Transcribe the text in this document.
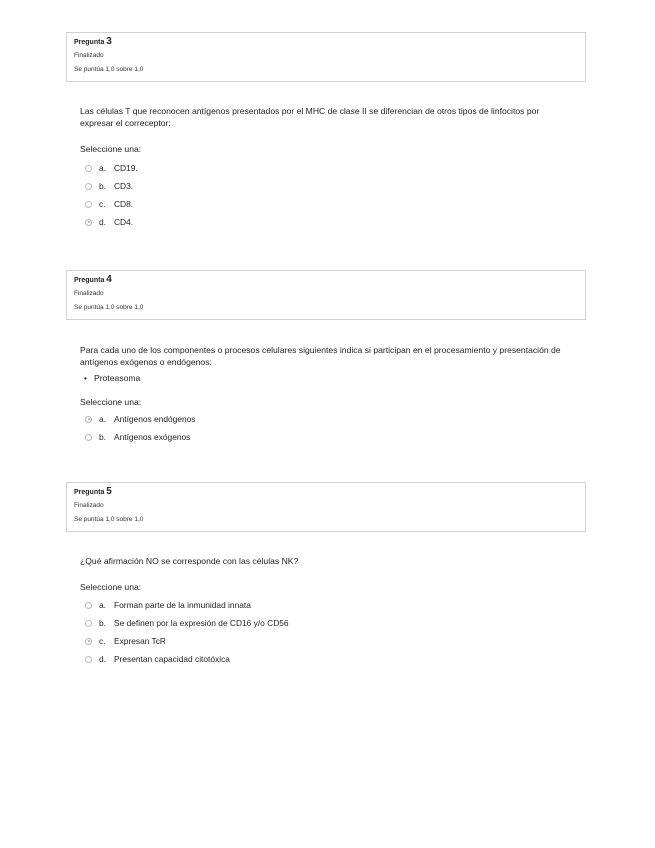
Pregunta 3
Finalizado
Se puntúa 1,0 sobre 1,0

Las células T que reconocen antígenos presentados por el MHC de clase II se diferencian de otros tipos de linfocitos por expresar el correceptor:

Seleccione una:
a. CD19.
b. CD3.
c.	CD8.
d. CD4.
Pregunta 4
Finalizado
Se puntúa 1,0 sobre 1,0

Para cada uno de los componentes o procesos celulares siguientes indica si participan en el procesamiento y presentación de antígenos exógenos o endógenos:

• Proteasoma
Seleccione una:
a. Antígenos endógenos
b. Antígenos exógenos
Pregunta 5
Finalizado
Se puntúa 1,0 sobre 1,0

¿Qué afirmación NO se corresponde con las células NK?

Seleccione una:
a. Forman parte de la inmunidad innata
b. Se definen por la expresión de CD16 y/o CD56
c.	Expresan TcR
d. Presentan capacidad citotóxica
